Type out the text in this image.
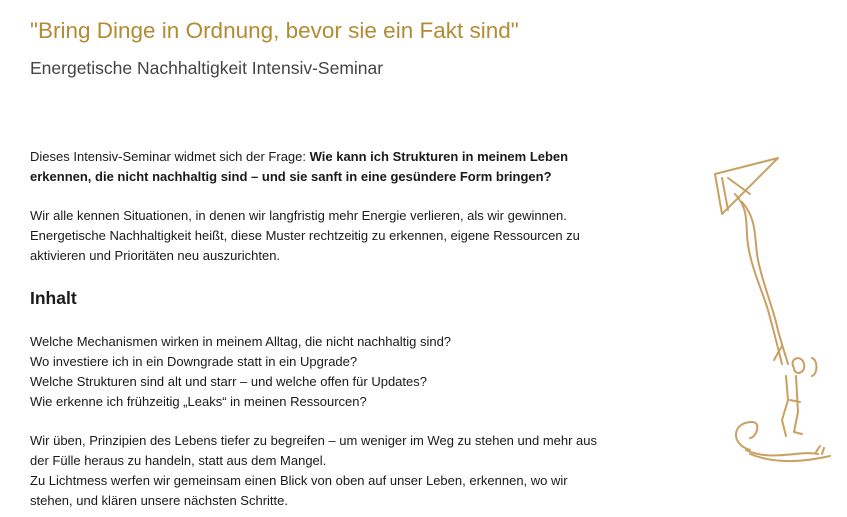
"Bring Dinge in Ordnung, bevor sie ein Fakt sind"
Energetische Nachhaltigkeit Intensiv-Seminar

Dieses Intensiv-Seminar widmet sich der Frage: Wie kann ich Strukturen in meinem Leben
erkennen, die nicht nachhaltig sind – und sie sanft in eine gesündere Form bringen?

Wir alle kennen Situationen, in denen wir langfristig mehr Energie verlieren, als wir gewinnen.
Energetische Nachhaltigkeit heißt, diese Muster rechtzeitig zu erkennen, eigene Ressourcen zu
aktivieren und Prioritäten neu auszurichten.

Inhalt

Welche Mechanismen wirken in meinem Alltag, die nicht nachhaltig sind?
Wo investiere ich in ein Downgrade statt in ein Upgrade?
Welche Strukturen sind alt und starr – und welche offen für Updates?
Wie erkenne ich frühzeitig „Leaks“ in meinen Ressourcen?

Wir üben, Prinzipien des Lebens tiefer zu begreifen – um weniger im Weg zu stehen und mehr aus
der Fülle heraus zu handeln, statt aus dem Mangel.
Zu Lichtmess werfen wir gemeinsam einen Blick von oben auf unser Leben, erkennen, wo wir
stehen, und klären unsere nächsten Schritte.
